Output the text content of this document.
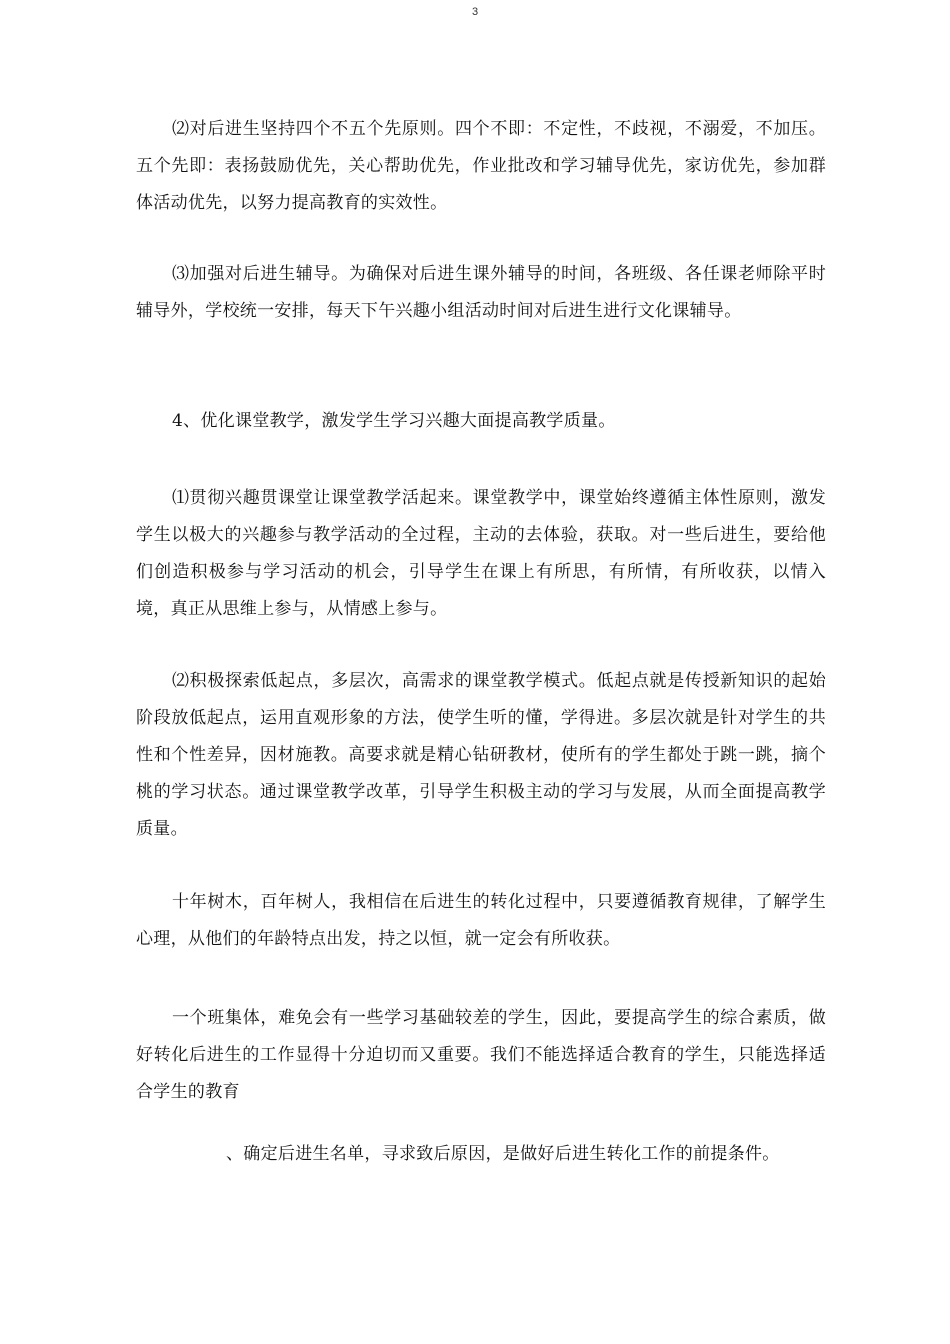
3

⑵对后进生坚持四个不五个先原则。四个不即：不定性，不歧视，不溺爱，不加压。五个先即：表扬鼓励优先，关心帮助优先，作业批改和学习辅导优先，家访优先，参加群体活动优先，以努力提高教育的实效性。

⑶加强对后进生辅导。为确保对后进生课外辅导的时间，各班级、各任课老师除平时辅导外，学校统一安排，每天下午兴趣小组活动时间对后进生进行文化课辅导。

4、优化课堂教学，激发学生学习兴趣大面提高教学质量。

⑴贯彻兴趣贯课堂让课堂教学活起来。课堂教学中，课堂始终遵循主体性原则，激发学生以极大的兴趣参与教学活动的全过程，主动的去体验，获取。对一些后进生，要给他们创造积极参与学习活动的机会，引导学生在课上有所思，有所情，有所收获，以情入境，真正从思维上参与，从情感上参与。

⑵积极探索低起点，多层次，高需求的课堂教学模式。低起点就是传授新知识的起始阶段放低起点，运用直观形象的方法，使学生听的懂，学得进。多层次就是针对学生的共性和个性差异，因材施教。高要求就是精心钻研教材，使所有的学生都处于跳一跳，摘个桃的学习状态。通过课堂教学改革，引导学生积极主动的学习与发展，从而全面提高教学质量。

十年树木，百年树人，我相信在后进生的转化过程中，只要遵循教育规律，了解学生心理，从他们的年龄特点出发，持之以恒，就一定会有所收获。

一个班集体，难免会有一些学习基础较差的学生，因此，要提高学生的综合素质，做好转化后进生的工作显得十分迫切而又重要。我们不能选择适合教育的学生，只能选择适合学生的教育

、确定后进生名单，寻求致后原因，是做好后进生转化工作的前提条件。
